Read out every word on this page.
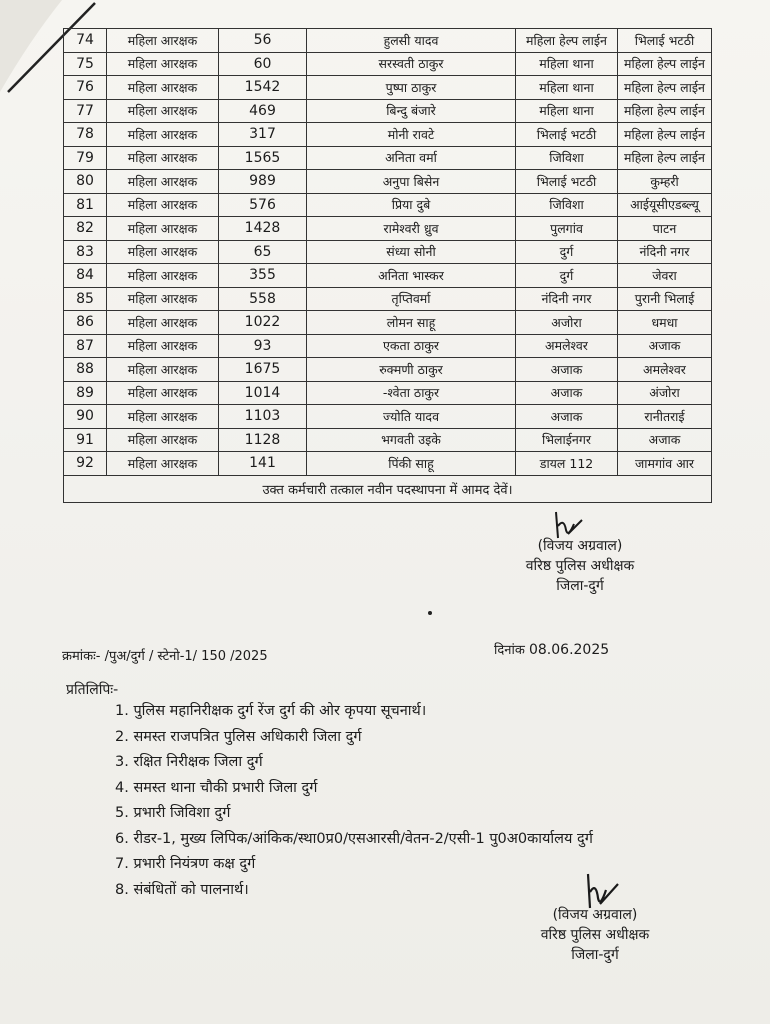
74	महिला आरक्षक	56	हुलसी यादव	महिला हेल्प लाईन	भिलाई भटठी
75	महिला आरक्षक	60	सरस्वती ठाकुर	महिला थाना	महिला हेल्प लाईन
76	महिला आरक्षक	1542	पुष्पा ठाकुर	महिला थाना	महिला हेल्प लाईन
77	महिला आरक्षक	469	बिन्दु बंजारे	महिला थाना	महिला हेल्प लाईन
78	महिला आरक्षक	317	मोनी रावटे	भिलाई भटठी	महिला हेल्प लाईन
79	महिला आरक्षक	1565	अनिता वर्मा	जिविशा	महिला हेल्प लाईन
80	महिला आरक्षक	989	अनुपा बिसेन	भिलाई भटठी	कुम्हरी
81	महिला आरक्षक	576	प्रिया दुबे	जिविशा	आईयूसीएडब्ल्यू
82	महिला आरक्षक	1428	रामेश्वरी ध्रुव	पुलगांव	पाटन
83	महिला आरक्षक	65	संध्या सोनी	दुर्ग	नंदिनी नगर
84	महिला आरक्षक	355	अनिता भास्कर	दुर्ग	जेवरा
85	महिला आरक्षक	558	तृप्तिवर्मा	नंदिनी नगर	पुरानी भिलाई
86	महिला आरक्षक	1022	लोमन साहू	अजोरा	धमधा
87	महिला आरक्षक	93	एकता ठाकुर	अमलेश्वर	अजाक
88	महिला आरक्षक	1675	रुक्मणी ठाकुर	अजाक	अमलेश्वर
89	महिला आरक्षक	1014	-श्वेता ठाकुर	अजाक	अंजोरा
90	महिला आरक्षक	1103	ज्योति यादव	अजाक	रानीतराई
91	महिला आरक्षक	1128	भगवती उइके	भिलाईनगर	अजाक
92	महिला आरक्षक	141	पिंकी साहू	डायल 112	जामगांव आर
उक्त कर्मचारी तत्काल नवीन पदस्थापना में आमद देवें।					
(विजय अग्रवाल)
वरिष्ठ पुलिस अधीक्षक
जिला-दुर्ग
क्रमांकः- /पुअ/दुर्ग / स्टेनो-1/ 150 /2025	दिनांक 08.06.2025
प्रतिलिपिः-
1. पुलिस महानिरीक्षक दुर्ग रेंज दुर्ग की ओर कृपया सूचनार्थ।
2. समस्त राजपत्रित पुलिस अधिकारी जिला दुर्ग
3. रक्षित निरीक्षक जिला दुर्ग
4. समस्त थाना चौकी प्रभारी जिला दुर्ग
5. प्रभारी जिविशा दुर्ग
6. रीडर-1, मुख्य लिपिक/आंकिक/स्था0प्र0/एसआरसी/वेतन-2/एसी-1 पु0अ0कार्यालय दुर्ग
7. प्रभारी नियंत्रण कक्ष दुर्ग
8. संबंधितों को पालनार्थ।
(विजय अग्रवाल)
वरिष्ठ पुलिस अधीक्षक
जिला-दुर्ग
